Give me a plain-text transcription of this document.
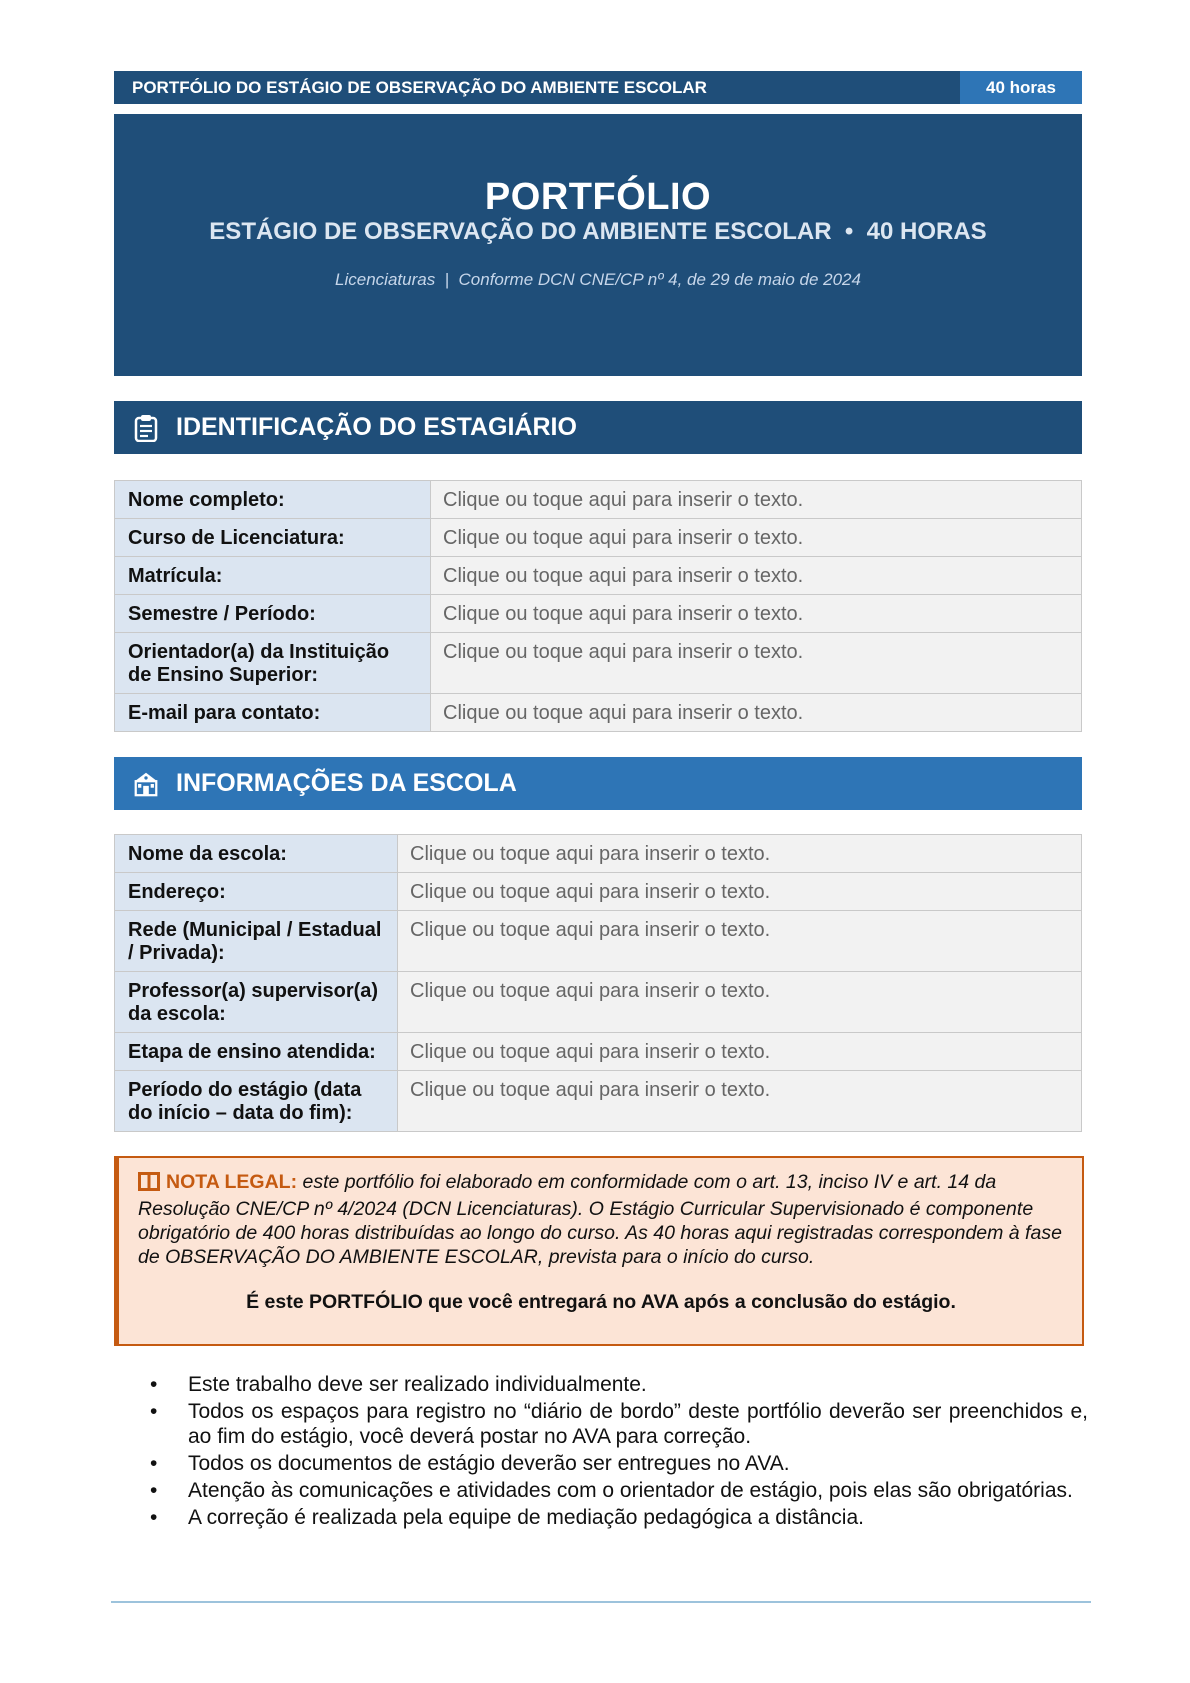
PORTFÓLIO DO ESTÁGIO DE OBSERVAÇÃO DO AMBIENTE ESCOLAR	40 horas
PORTFÓLIO
ESTÁGIO DE OBSERVAÇÃO DO AMBIENTE ESCOLAR  •  40 HORAS
Licenciaturas  |  Conforme DCN CNE/CP nº 4, de 29 de maio de 2024
IDENTIFICAÇÃO DO ESTAGIÁRIO
Nome completo:	Clique ou toque aqui para inserir o texto.
Curso de Licenciatura:	Clique ou toque aqui para inserir o texto.
Matrícula:	Clique ou toque aqui para inserir o texto.
Semestre / Período:	Clique ou toque aqui para inserir o texto.
Orientador(a) da Instituição de Ensino Superior:	Clique ou toque aqui para inserir o texto.
E-mail para contato:	Clique ou toque aqui para inserir o texto.
INFORMAÇÕES DA ESCOLA
Nome da escola:	Clique ou toque aqui para inserir o texto.
Endereço:	Clique ou toque aqui para inserir o texto.
Rede (Municipal / Estadual / Privada):	Clique ou toque aqui para inserir o texto.
Professor(a) supervisor(a) da escola:	Clique ou toque aqui para inserir o texto.
Etapa de ensino atendida:	Clique ou toque aqui para inserir o texto.
Período do estágio (data do início – data do fim):	Clique ou toque aqui para inserir o texto.
NOTA LEGAL: este portfólio foi elaborado em conformidade com o art. 13, inciso IV e art. 14 da Resolução CNE/CP nº 4/2024 (DCN Licenciaturas). O Estágio Curricular Supervisionado é componente obrigatório de 400 horas distribuídas ao longo do curso. As 40 horas aqui registradas correspondem à fase de OBSERVAÇÃO DO AMBIENTE ESCOLAR, prevista para o início do curso.
É este PORTFÓLIO que você entregará no AVA após a conclusão do estágio.
• Este trabalho deve ser realizado individualmente.
• Todos os espaços para registro no “diário de bordo” deste portfólio deverão ser preenchidos e, ao fim do estágio, você deverá postar no AVA para correção.
• Todos os documentos de estágio deverão ser entregues no AVA.
• Atenção às comunicações e atividades com o orientador de estágio, pois elas são obrigatórias.
• A correção é realizada pela equipe de mediação pedagógica a distância.
